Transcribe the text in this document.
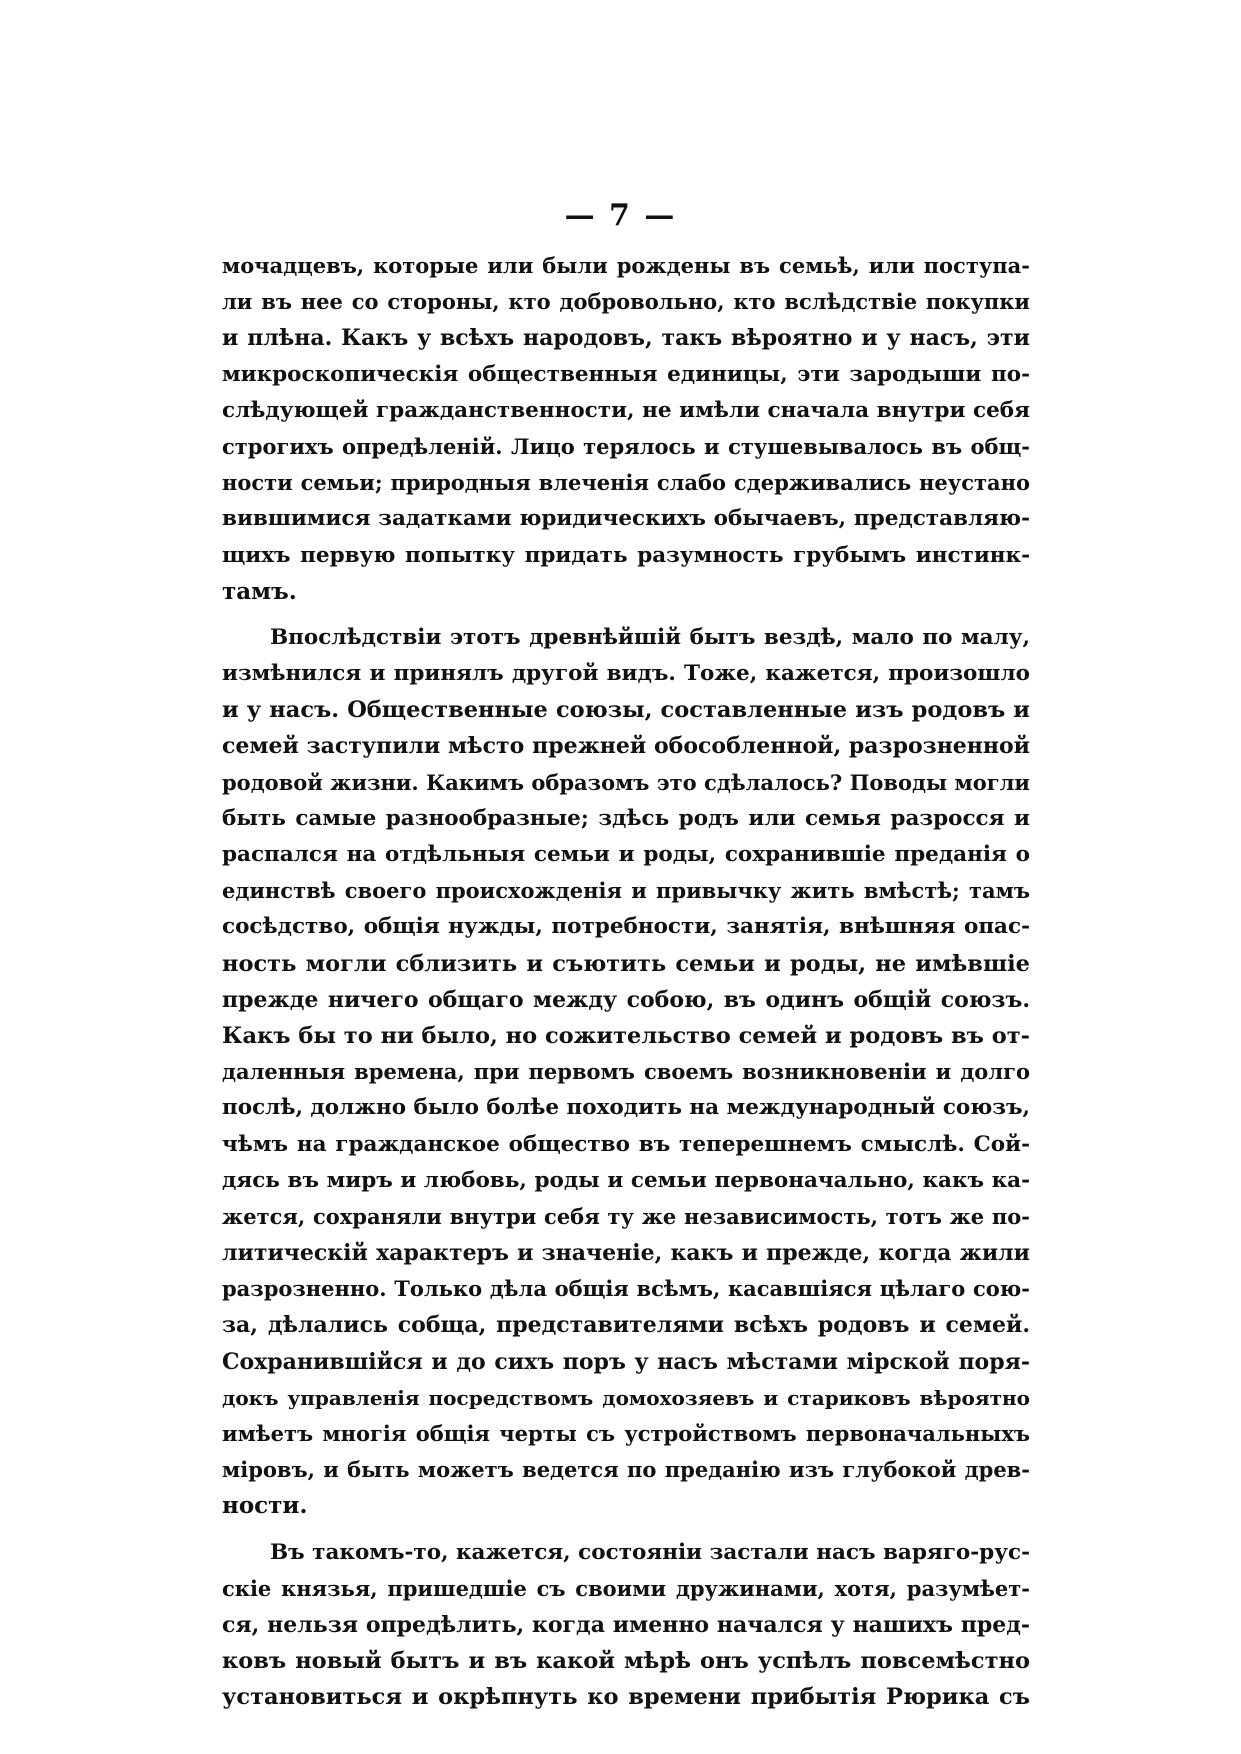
— 7 —
мочадцевъ, которые или были рождены въ семьѣ, или поступа-
ли въ нее со стороны, кто добровольно, кто вслѣдствіе покупки
и плѣна. Какъ у всѣхъ народовъ, такъ вѣроятно и у насъ, эти
микроскопическія общественныя единицы, эти зародыши по-
слѣдующей гражданственности, не имѣли сначала внутри себя
строгихъ опредѣленій. Лицо терялось и стушевывалось въ общ-
ности семьи; природныя влеченія слабо сдерживались неустано
вившимися задатками юридическихъ обычаевъ, представляю-
щихъ первую попытку придать разумность грубымъ инстинк-
тамъ.
Впослѣдствіи этотъ древнѣйшій бытъ вездѣ, мало по малу,
измѣнился и принялъ другой видъ. Тоже, кажется, произошло
и у насъ. Общественные союзы, составленные изъ родовъ и
семей заступили мѣсто прежней обособленной, разрозненной
родовой жизни. Какимъ образомъ это сдѣлалось? Поводы могли
быть самые разнообразные; здѣсь родъ или семья разросся и
распался на отдѣльныя семьи и роды, сохранившіе преданія о
единствѣ своего происхожденія и привычку жить вмѣстѣ; тамъ
сосѣдство, общія нужды, потребности, занятія, внѣшняя опас-
ность могли сблизить и съютить семьи и роды, не имѣвшіе
прежде ничего общаго между собою, въ одинъ общій союзъ.
Какъ бы то ни было, но сожительство семей и родовъ въ от-
даленныя времена, при первомъ своемъ возникновеніи и долго
послѣ, должно было болѣе походить на международный союзъ,
чѣмъ на гражданское общество въ теперешнемъ смыслѣ. Сой-
дясь въ миръ и любовь, роды и семьи первоначально, какъ ка-
жется, сохраняли внутри себя ту же независимость, тотъ же по-
литическій характеръ и значеніе, какъ и прежде, когда жили
разрозненно. Только дѣла общія всѣмъ, касавшіяся цѣлаго сою-
за, дѣлались собща, представителями всѣхъ родовъ и семей.
Сохранившійся и до сихъ поръ у насъ мѣстами мірской поря-
докъ управленія посредствомъ домохозяевъ и стариковъ вѣроятно
имѣетъ многія общія черты съ устройствомъ первоначальныхъ
міровъ, и быть можетъ ведется по преданію изъ глубокой древ-
ности.
Въ такомъ-то, кажется, состояніи застали насъ варяго-рус-
скіе князья, пришедшіе съ своими дружинами, хотя, разумѣет-
ся, нельзя опредѣлить, когда именно начался у нашихъ пред-
ковъ новый бытъ и въ какой мѣрѣ онъ успѣлъ повсемѣстно
установиться и окрѣпнуть ко времени прибытія Рюрика съ
